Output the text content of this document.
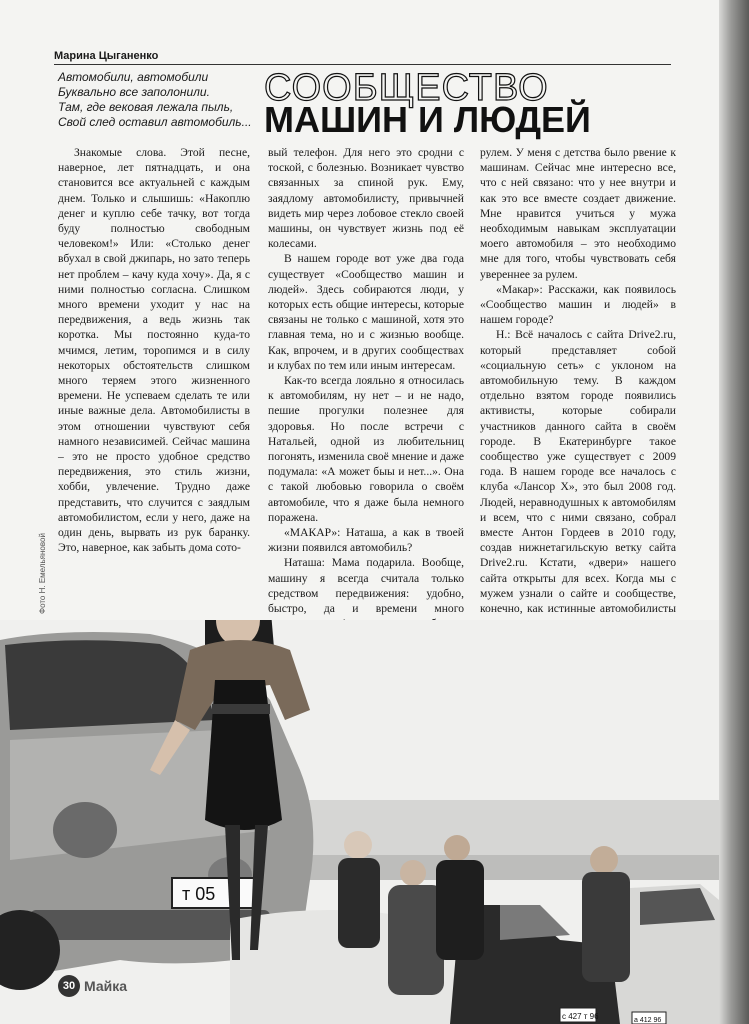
Марина Цыганенко
Автомобили, автомобили
Буквально все заполонили.
Там, где вековая лежала пыль,
Свой след оставил автомобиль...
СООБЩЕСТВО
МАШИН И ЛЮДЕЙ

Знакомые слова. Этой песне, наверное, лет пятнадцать, и она становится все актуальней с каждым днем. Только и слышишь: «Накоплю денег и куплю себе тачку, вот тогда буду полностью свободным человеком!» Или: «Столько денег вбухал в свой джипарь, но зато теперь нет проблем – качу куда хочу». Да, я с ними полностью согласна. Слишком много времени уходит у нас на передвижения, а ведь жизнь так коротка. Мы постоянно куда-то мчимся, летим, торопимся и в силу некоторых обстоятельств слишком много теряем этого жизненного времени. Не успеваем сделать те или иные важные дела. Автомобилисты в этом отношении чувствуют себя намного независимей. Сейчас машина – это не просто удобное средство передвижения, это стиль жизни, хобби, увлечение. Трудно даже представить, что случится с заядлым автомобилистом, если у него, даже на один день, вырвать из рук баранку. Это, наверное, как забыть дома сото-

вый телефон. Для него это сродни с тоской, с болезнью. Возникает чувство связанных за спиной рук. Ему, заядлому автомобилисту, привычней видеть мир через лобовое стекло своей машины, он чувствует жизнь под её колесами.

В нашем городе вот уже два года существует «Сообщество машин и людей». Здесь собираются люди, у которых есть общие интересы, которые связаны не только с машиной, хотя это главная тема, но и с жизнью вообще. Как, впрочем, и в других сообществах и клубах по тем или иным интересам.

Как-то всегда лояльно я относилась к автомобилям, ну нет – и не надо, пешие прогулки полезнее для здоровья. Но после встречи с Натальей, одной из любительниц погонять, изменила своё мнение и даже подумала: «А может быы и нет...». Она с такой любовью говорила о своём автомобиле, что я даже была немного поражена.

«МАКАР»: Наташа, а как в твоей жизни появился автомобиль?

Наташа: Мама подарила. Вообще, машину я всегда считала только средством передвижения: удобно, быстро, да и времени много

рулем. У меня с детства было рвение к машинам. Сейчас мне интересно все, что с ней связано: что у нее внутри и как это все вместе создает движение. Мне нравится учиться у мужа необходимым навыкам эксплуатации моего автомобиля – это необходимо мне для того, чтобы чувствовать себя увереннее за рулем.

«Макар»: Расскажи, как появилось «Сообщество машин и людей» в нашем городе?

Н.: Всё началось с сайта Drive2.ru, который представляет собой «социальную сеть» с уклоном на автомобильную тему. В каждом отдельно взятом городе появились активисты, которые собирали участников данного сайта в своём городе. В Екатеринбурге такое сообщество уже существует с 2009 года. В нашем городе все началось с клуба «Лансор X», это был 2008 год. Людей, неравнодушных к автомобилям и всем, что с ними связано, собрал вместе Антон Гордеев в 2010 году, создав нижнетагильскую ветку сайта Drive2.ru. Кстати, «двери» нашего сайта открыты для всех. Когда мы с мужем узнали о сайте и сообществе, конечно, как истинные автомобилисты

Фото Н. Емельяновой
т 05
с 427 т 96	а 412 96
30 Майка
